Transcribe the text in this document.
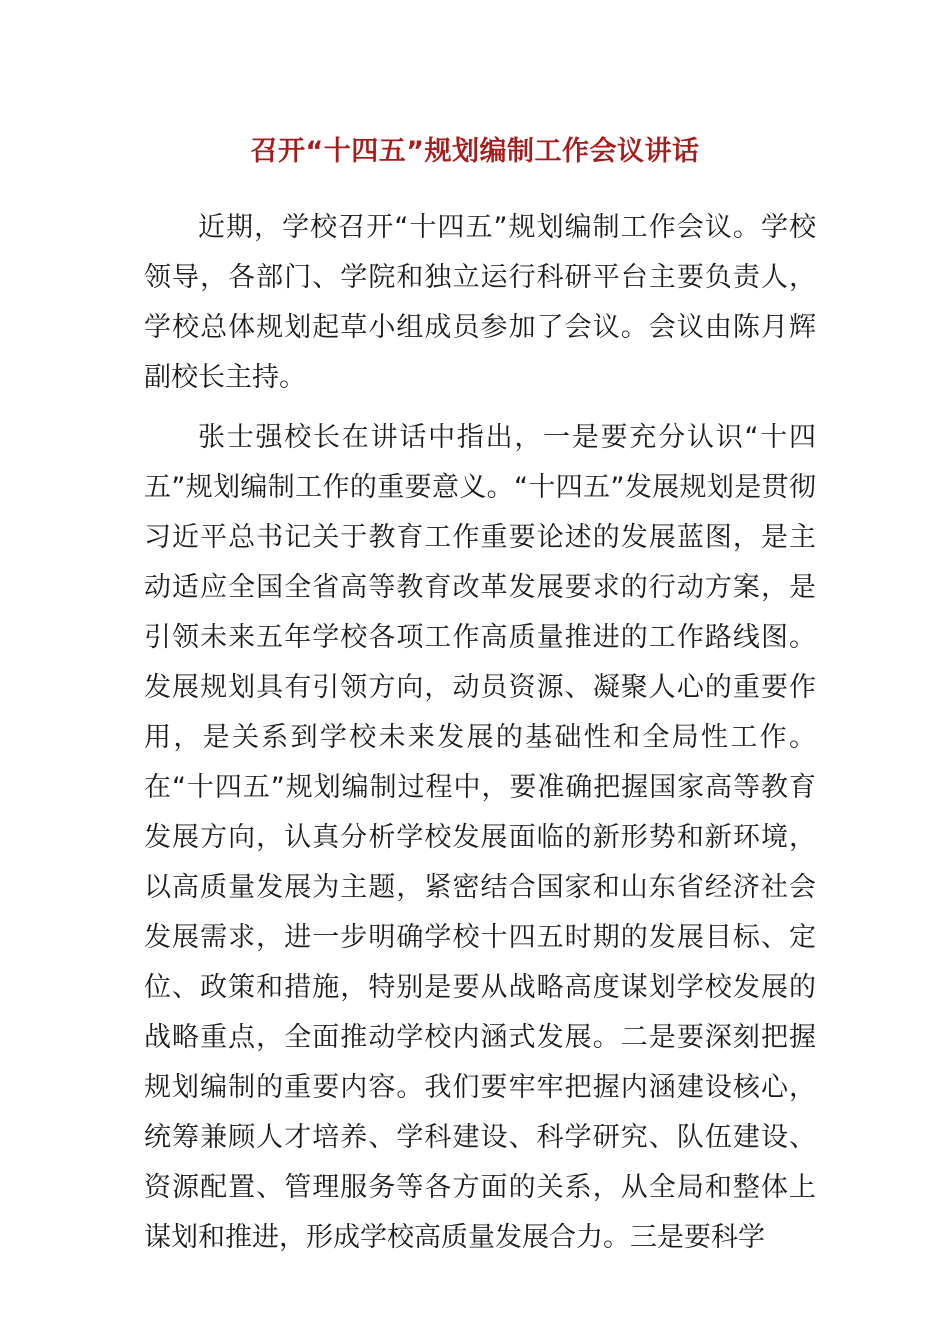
召开“十四五”规划编制工作会议讲话

近期，学校召开“十四五”规划编制工作会议。学校领导，各部门、学院和独立运行科研平台主要负责人，学校总体规划起草小组成员参加了会议。会议由陈月辉副校长主持。

张士强校长在讲话中指出，一是要充分认识“十四五”规划编制工作的重要意义。“十四五”发展规划是贯彻习近平总书记关于教育工作重要论述的发展蓝图，是主动适应全国全省高等教育改革发展要求的行动方案，是引领未来五年学校各项工作高质量推进的工作路线图。发展规划具有引领方向，动员资源、凝聚人心的重要作用，是关系到学校未来发展的基础性和全局性工作。在“十四五”规划编制过程中，要准确把握国家高等教育发展方向，认真分析学校发展面临的新形势和新环境，以高质量发展为主题，紧密结合国家和山东省经济社会发展需求，进一步明确学校十四五时期的发展目标、定位、政策和措施，特别是要从战略高度谋划学校发展的战略重点，全面推动学校内涵式发展。二是要深刻把握规划编制的重要内容。我们要牢牢把握内涵建设核心，统筹兼顾人才培养、学科建设、科学研究、队伍建设、资源配置、管理服务等各方面的关系，从全局和整体上谋划和推进，形成学校高质量发展合力。三是要科学
